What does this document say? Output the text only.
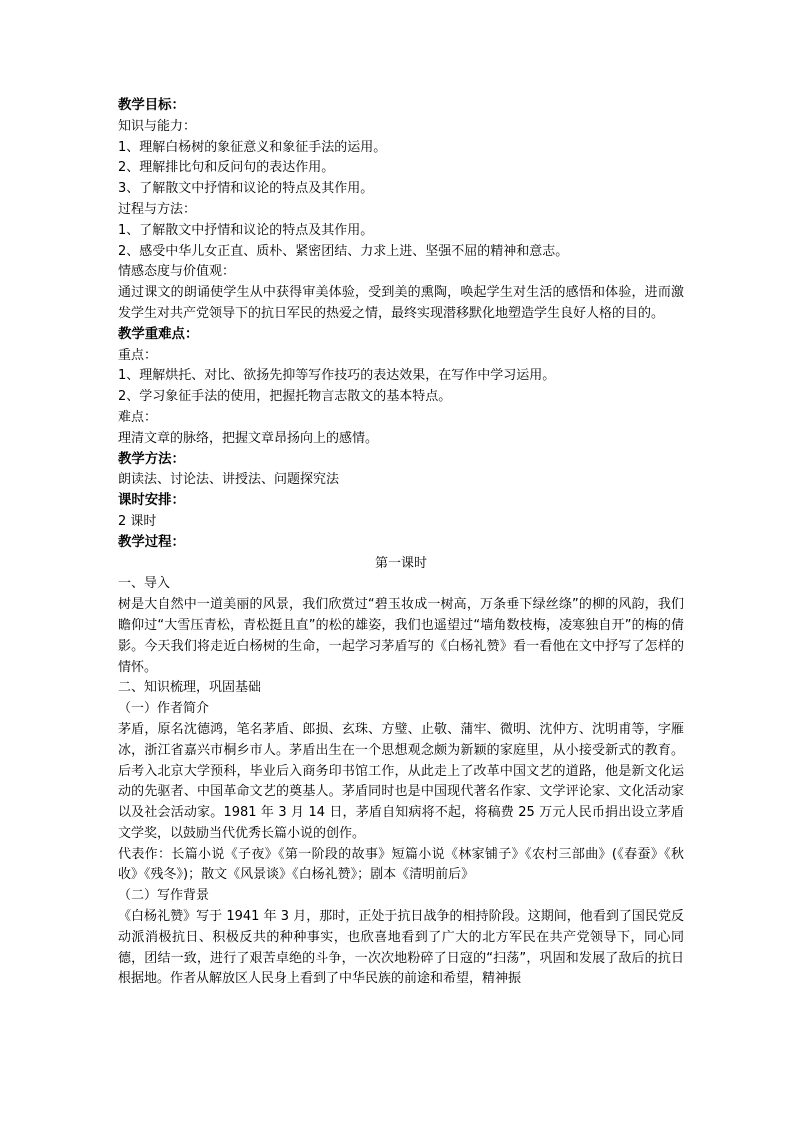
教学目标：
知识与能力：
1、理解白杨树的象征意义和象征手法的运用。
2、理解排比句和反问句的表达作用。
3、了解散文中抒情和议论的特点及其作用。
过程与方法：
1、了解散文中抒情和议论的特点及其作用。
2、感受中华儿女正直、质朴、紧密团结、力求上进、坚强不屈的精神和意志。
情感态度与价值观：
通过课文的朗诵使学生从中获得审美体验，受到美的熏陶，唤起学生对生活的感悟和体验，进而激发学生对共产党领导下的抗日军民的热爱之情，最终实现潜移默化地塑造学生良好人格的目的。
教学重难点：
重点：
1、理解烘托、对比、欲扬先抑等写作技巧的表达效果，在写作中学习运用。
2、学习象征手法的使用，把握托物言志散文的基本特点。
难点：
理清文章的脉络，把握文章昂扬向上的感情。
教学方法：
朗读法、讨论法、讲授法、问题探究法
课时安排：
2 课时
教学过程：
第一课时
一、导入
树是大自然中一道美丽的风景，我们欣赏过“碧玉妆成一树高，万条垂下绿丝绦”的柳的风韵，我们瞻仰过“大雪压青松，青松挺且直”的松的雄姿，我们也遥望过“墙角数枝梅，凌寒独自开”的梅的倩影。今天我们将走近白杨树的生命，一起学习茅盾写的《白杨礼赞》看一看他在文中抒写了怎样的情怀。
二、知识梳理，巩固基础
（一）作者简介
茅盾，原名沈德鸿，笔名茅盾、郎损、玄珠、方璧、止敬、蒲牢、微明、沈仲方、沈明甫等，字雁冰，浙江省嘉兴市桐乡市人。茅盾出生在一个思想观念颇为新颖的家庭里，从小接受新式的教育。后考入北京大学预科，毕业后入商务印书馆工作，从此走上了改革中国文艺的道路，他是新文化运动的先驱者、中国革命文艺的奠基人。茅盾同时也是中国现代著名作家、文学评论家、文化活动家以及社会活动家。1981 年 3 月 14 日，茅盾自知病将不起，将稿费 25 万元人民币捐出设立茅盾文学奖，以鼓励当代优秀长篇小说的创作。
代表作：长篇小说《子夜》《第一阶段的故事》短篇小说《林家铺子》《农村三部曲》(《春蚕》《秋收》《残冬》)；散文《风景谈》《白杨礼赞》；剧本《清明前后》
（二）写作背景
《白杨礼赞》写于 1941 年 3 月，那时，正处于抗日战争的相持阶段。这期间，他看到了国民党反动派消极抗日、积极反共的种种事实，也欣喜地看到了广大的北方军民在共产党领导下，同心同德，团结一致，进行了艰苦卓绝的斗争，一次次地粉碎了日寇的“扫荡”，巩固和发展了敌后的抗日根据地。作者从解放区人民身上看到了中华民族的前途和希望，精神振
